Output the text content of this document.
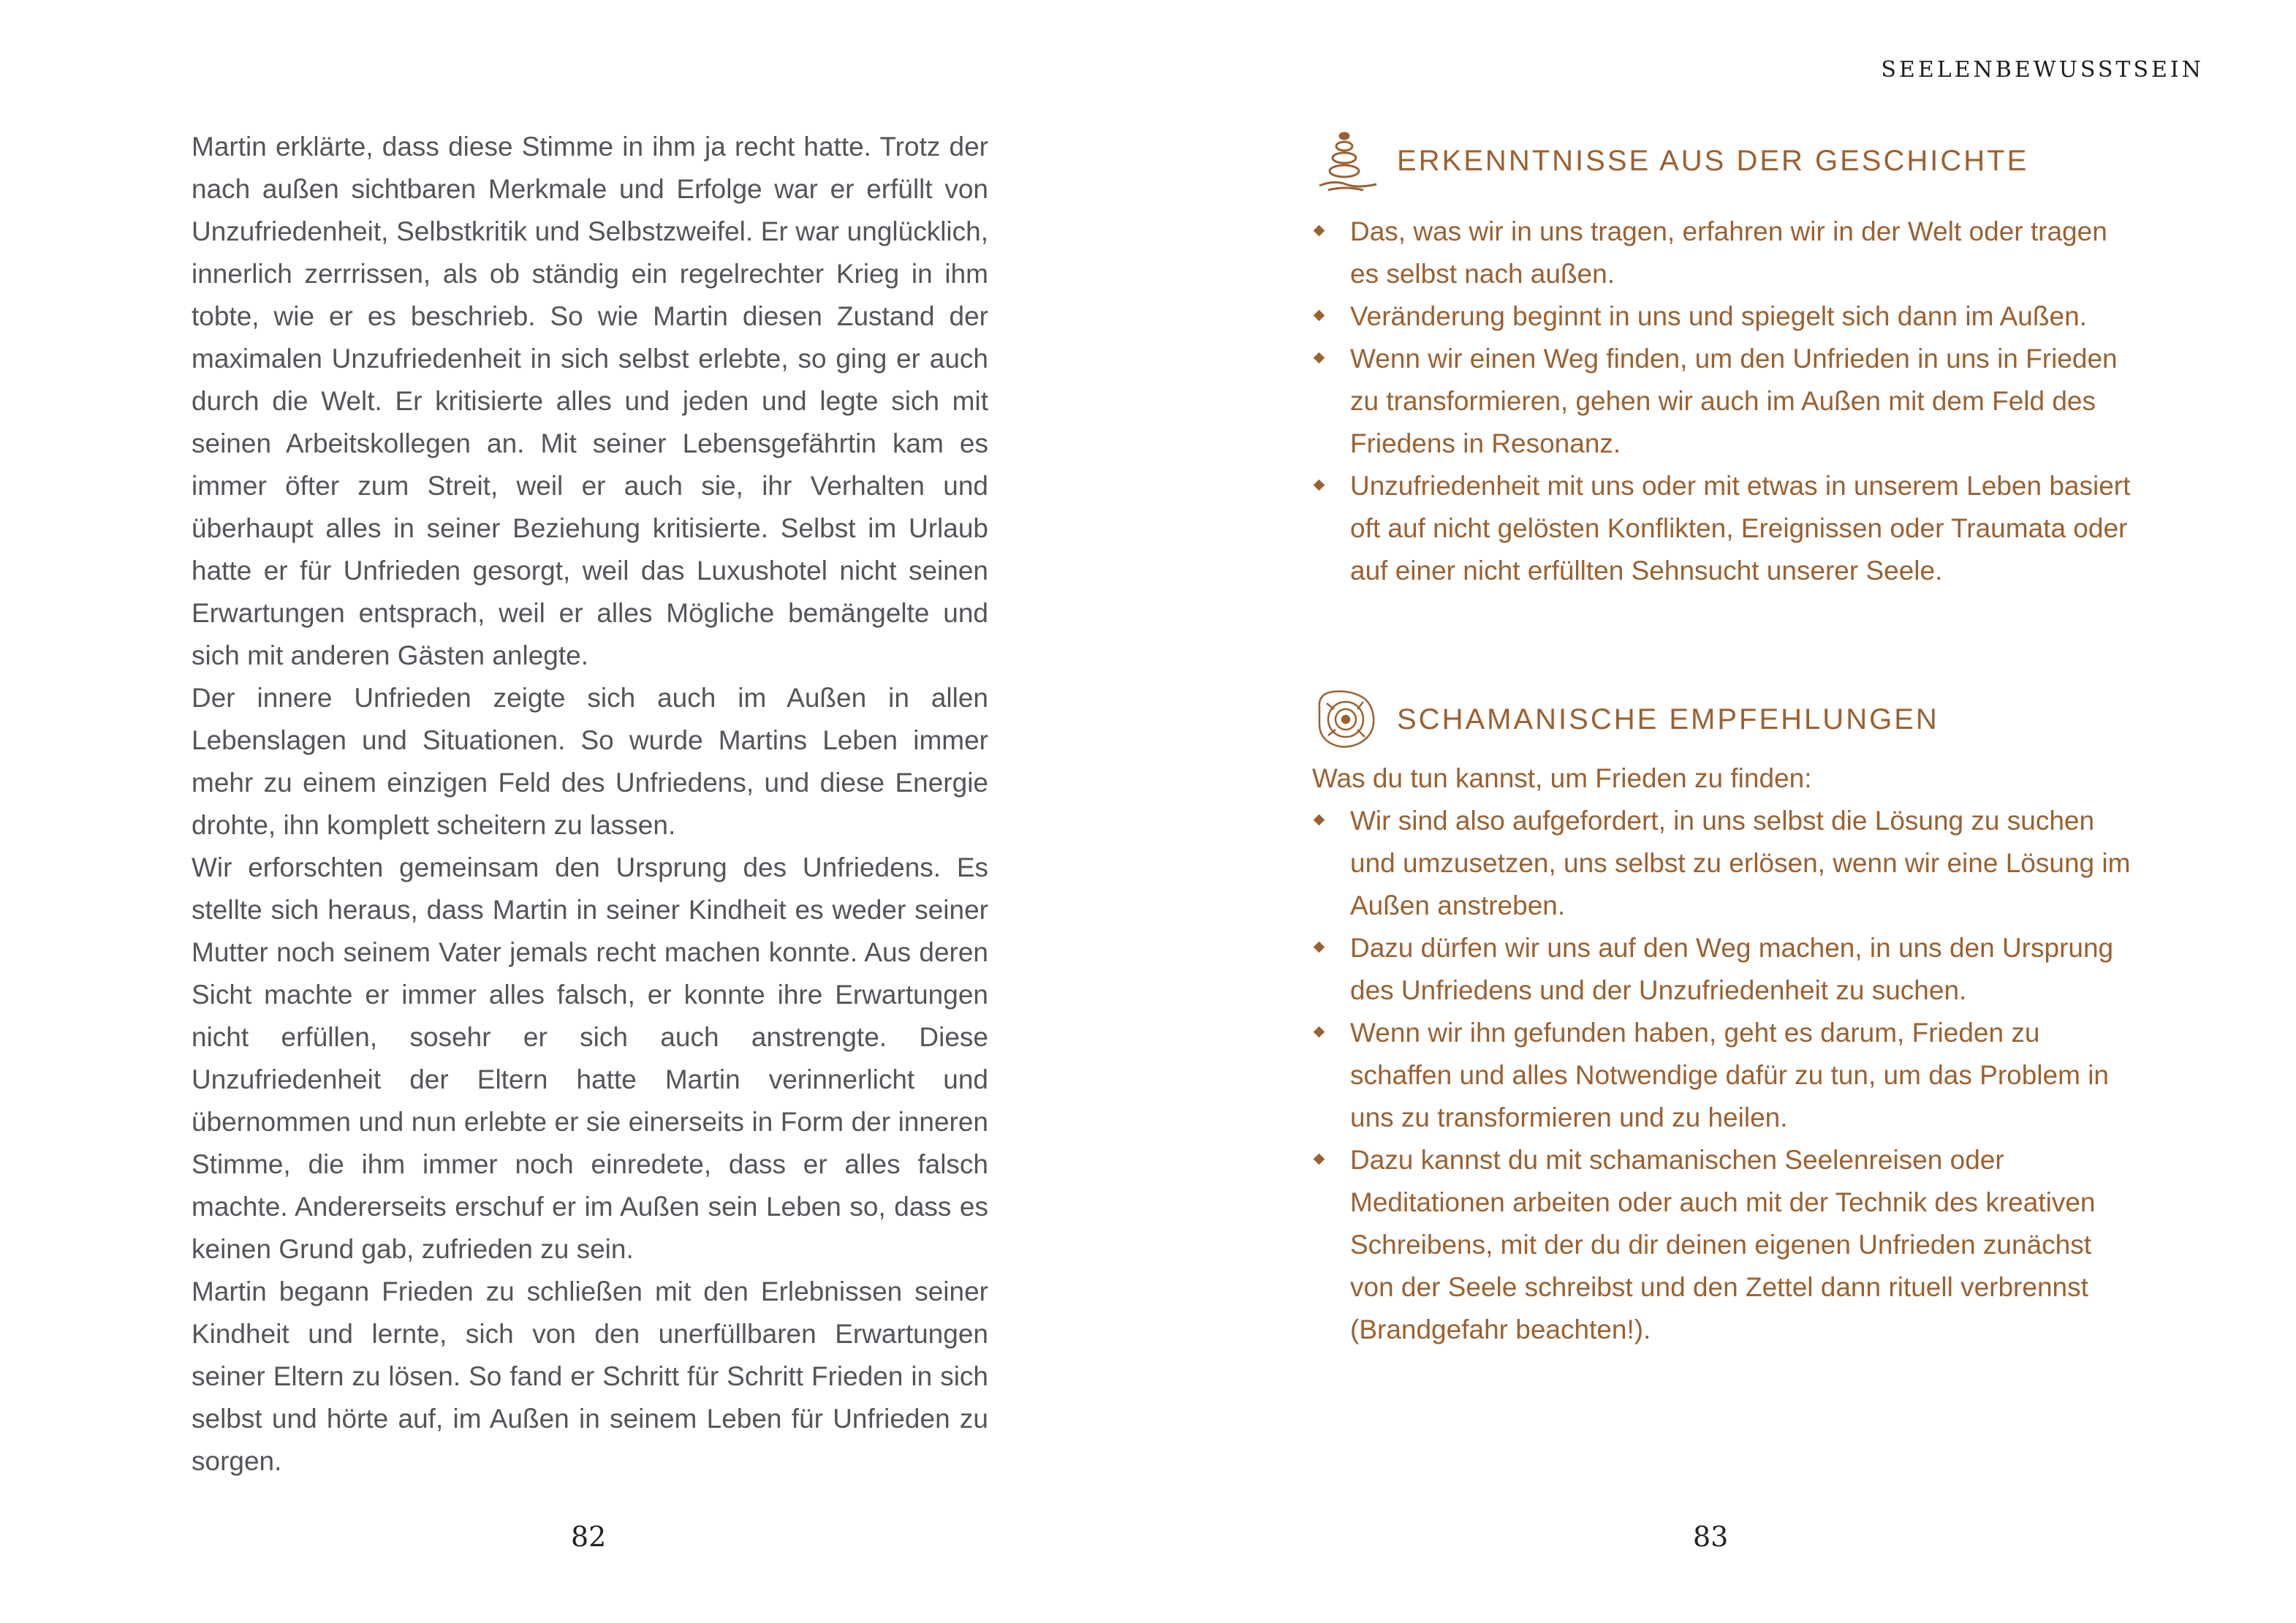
SEELENBEWUSSTSEIN

Martin erklärte, dass diese Stimme in ihm ja recht hatte. Trotz der nach außen sichtbaren Merkmale und Erfolge war er erfüllt von Unzufriedenheit, Selbstkritik und Selbstzweifel. Er war unglücklich, innerlich zerrrissen, als ob ständig ein regelrechter Krieg in ihm tobte, wie er es beschrieb. So wie Martin diesen Zustand der maximalen Unzufriedenheit in sich selbst erlebte, so ging er auch durch die Welt. Er kritisierte alles und jeden und legte sich mit seinen Arbeitskollegen an. Mit seiner Lebensgefährtin kam es immer öfter zum Streit, weil er auch sie, ihr Verhalten und überhaupt alles in seiner Beziehung kritisierte. Selbst im Urlaub hatte er für Unfrieden gesorgt, weil das Luxushotel nicht seinen Erwartungen entsprach, weil er alles Mögliche bemängelte und sich mit anderen Gästen anlegte.

Der innere Unfrieden zeigte sich auch im Außen in allen Lebenslagen und Situationen. So wurde Martins Leben immer mehr zu einem einzigen Feld des Unfriedens, und diese Energie drohte, ihn komplett scheitern zu lassen.

Wir erforschten gemeinsam den Ursprung des Unfriedens. Es stellte sich heraus, dass Martin in seiner Kindheit es weder seiner Mutter noch seinem Vater jemals recht machen konnte. Aus deren Sicht machte er immer alles falsch, er konnte ihre Erwartungen nicht erfüllen, sosehr er sich auch anstrengte. Diese Unzufriedenheit der Eltern hatte Martin verinnerlicht und übernommen und nun erlebte er sie einerseits in Form der inneren Stimme, die ihm immer noch einredete, dass er alles falsch machte. Andererseits erschuf er im Außen sein Leben so, dass es keinen Grund gab, zufrieden zu sein.

Martin begann Frieden zu schließen mit den Erlebnissen seiner Kindheit und lernte, sich von den unerfüllbaren Erwartungen seiner Eltern zu lösen. So fand er Schritt für Schritt Frieden in sich selbst und hörte auf, im Außen in seinem Leben für Unfrieden zu sorgen.

82
ERKENNTNISSE AUS DER GESCHICHTE
Das, was wir in uns tragen, erfahren wir in der Welt oder tragen es selbst nach außen.
Veränderung beginnt in uns und spiegelt sich dann im Außen.
Wenn wir einen Weg finden, um den Unfrieden in uns in Frieden zu transformieren, gehen wir auch im Außen mit dem Feld des Friedens in Resonanz.
Unzufriedenheit mit uns oder mit etwas in unserem Leben basiert oft auf nicht gelösten Konflikten, Ereignissen oder Traumata oder auf einer nicht erfüllten Sehnsucht unserer Seele.
SCHAMANISCHE EMPFEHLUNGEN
Was du tun kannst, um Frieden zu finden:
Wir sind also aufgefordert, in uns selbst die Lösung zu suchen und umzusetzen, uns selbst zu erlösen, wenn wir eine Lösung im Außen anstreben.
Dazu dürfen wir uns auf den Weg machen, in uns den Ursprung des Unfriedens und der Unzufriedenheit zu suchen.
Wenn wir ihn gefunden haben, geht es darum, Frieden zu schaffen und alles Notwendige dafür zu tun, um das Problem in uns zu transformieren und zu heilen.
Dazu kannst du mit schamanischen Seelenreisen oder Meditationen arbeiten oder auch mit der Technik des kreativen Schreibens, mit der du dir deinen eigenen Unfrieden zunächst von der Seele schreibst und den Zettel dann rituell verbrennst (Brandgefahr beachten!).
83
